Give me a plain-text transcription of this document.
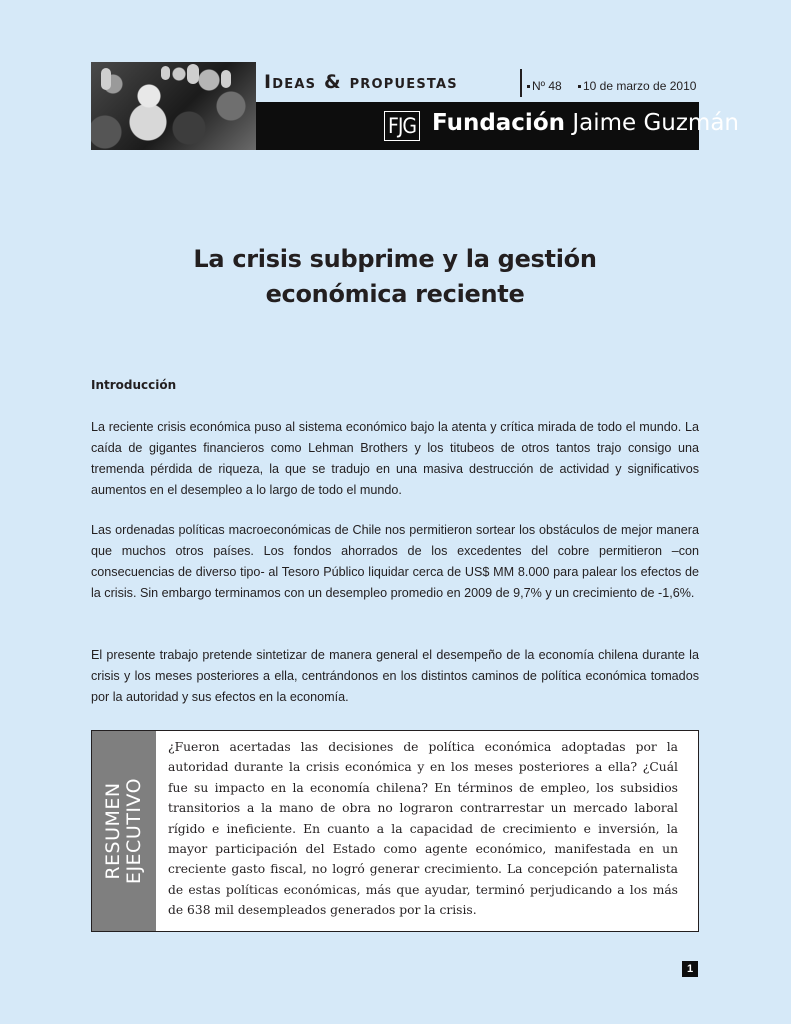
Ideas & propuestas	Nº 48	10 de marzo de 2010
FJG Fundación Jaime Guzmán
La crisis subprime y la gestión
económica reciente
Introducción
La reciente crisis económica puso al sistema económico bajo la atenta y crítica mirada de todo el mundo. La caída de gigantes financieros como Lehman Brothers y los titubeos de otros tantos trajo consigo una tremenda pérdida de riqueza, la que se tradujo en una masiva destrucción de actividad y significativos aumentos en el desempleo a lo largo de todo el mundo.
Las ordenadas políticas macroeconómicas de Chile nos permitieron sortear los obstáculos de mejor manera que muchos otros países. Los fondos ahorrados de los excedentes del cobre permitieron –con consecuencias de diverso tipo- al Tesoro Público liquidar cerca de US$ MM 8.000 para palear los efectos de la crisis. Sin embargo terminamos con un desempleo promedio en 2009 de 9,7% y un crecimiento de -1,6%.
El presente trabajo pretende sintetizar de manera general el desempeño de la economía chilena durante la crisis y los meses posteriores a ella, centrándonos en los distintos caminos de política económica tomados por la autoridad y sus efectos en la economía.
RESUMEN EJECUTIVO
¿Fueron acertadas las decisiones de política económica adoptadas por la autoridad durante la crisis económica y en los meses posteriores a ella? ¿Cuál fue su impacto en la economía chilena? En términos de empleo, los subsidios transitorios a la mano de obra no lograron contrarrestar un mercado laboral rígido e ineficiente. En cuanto a la capacidad de crecimiento e inversión, la mayor participación del Estado como agente económico, manifestada en un creciente gasto fiscal, no logró generar crecimiento. La concepción paternalista de estas políticas económicas, más que ayudar, terminó perjudicando a los más de 638 mil desempleados generados por la crisis.
1
